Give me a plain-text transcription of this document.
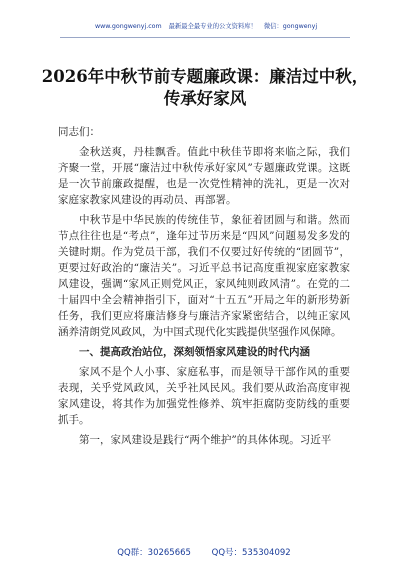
www.gongwenyj.com 最新最全最专业的公文资料库！ 微信：gongwenyj
2026年中秋节前专题廉政课：廉洁过中秋，传承好家风

同志们：

金秋送爽，丹桂飘香。值此中秋佳节即将来临之际，我们齐聚一堂，开展“廉洁过中秋传承好家风”专题廉政党课。这既是一次节前廉政提醒，也是一次党性精神的洗礼，更是一次对家庭家教家风建设的再动员、再部署。

中秋节是中华民族的传统佳节，象征着团圆与和谐。然而节点往往也是“考点”，逢年过节历来是“四风”问题易发多发的关键时期。作为党员干部，我们不仅要过好传统的“团圆节”，更要过好政治的“廉洁关”。习近平总书记高度重视家庭家教家风建设，强调“家风正则党风正，家风纯则政风清”。在党的二十届四中全会精神指引下，面对“十五五”开局之年的新形势新任务，我们更应将廉洁修身与廉洁齐家紧密结合，以纯正家风涵养清朗党风政风，为中国式现代化实践提供坚强作风保障。

一、提高政治站位，深刻领悟家风建设的时代内涵

家风不是个人小事、家庭私事，而是领导干部作风的重要表现，关乎党风政风，关乎社风民风。我们要从政治高度审视家风建设，将其作为加强党性修养、筑牢拒腐防变防线的重要抓手。

第一，家风建设是践行“两个维护”的具体体现。习近平

QQ群：30265665 QQ号：535304092
